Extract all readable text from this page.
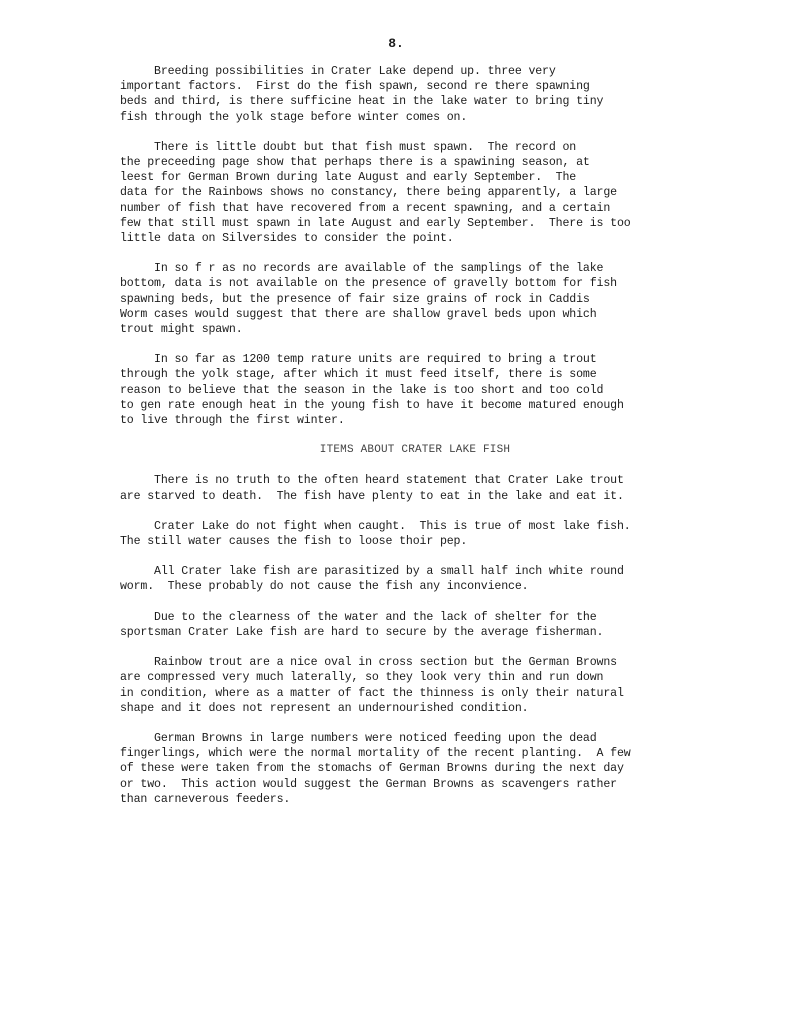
8.
Breeding possibilities in Crater Lake depend up. three very
important factors.  First do the fish spawn, second re there spawning
beds and third, is there sufficine heat in the lake water to bring tiny
fish through the yolk stage before winter comes on.
There is little doubt but that fish must spawn.  The record on
the preceeding page show that perhaps there is a spawining season, at
leest for German Brown during late August and early September.  The
data for the Rainbows shows no constancy, there being apparently, a large
number of fish that have recovered from a recent spawning, and a certain
few that still must spawn in late August and early September.  There is too
little data on Silversides to consider the point.
In so f r as no records are available of the samplings of the lake
bottom, data is not available on the presence of gravelly bottom for fish
spawning beds, but the presence of fair size grains of rock in Caddis
Worm cases would suggest that there are shallow gravel beds upon which
trout might spawn.
In so far as 1200 temp rature units are required to bring a trout
through the yolk stage, after which it must feed itself, there is some
reason to believe that the season in the lake is too short and too cold
to gen rate enough heat in the young fish to have it become matured enough
to live through the first winter.
ITEMS ABOUT CRATER LAKE FISH
There is no truth to the often heard statement that Crater Lake trout
are starved to death.  The fish have plenty to eat in the lake and eat it.
Crater Lake do not fight when caught.  This is true of most lake fish.
The still water causes the fish to loose thoir pep.
All Crater lake fish are parasitized by a small half inch white round
worm.  These probably do not cause the fish any inconvience.
Due to the clearness of the water and the lack of shelter for the
sportsman Crater Lake fish are hard to secure by the average fisherman.
Rainbow trout are a nice oval in cross section but the German Browns
are compressed very much laterally, so they look very thin and run down
in condition, where as a matter of fact the thinness is only their natural
shape and it does not represent an undernourished condition.
German Browns in large numbers were noticed feeding upon the dead
fingerlings, which were the normal mortality of the recent planting.  A few
of these were taken from the stomachs of German Browns during the next day
or two.  This action would suggest the German Browns as scavengers rather
than carneverous feeders.
